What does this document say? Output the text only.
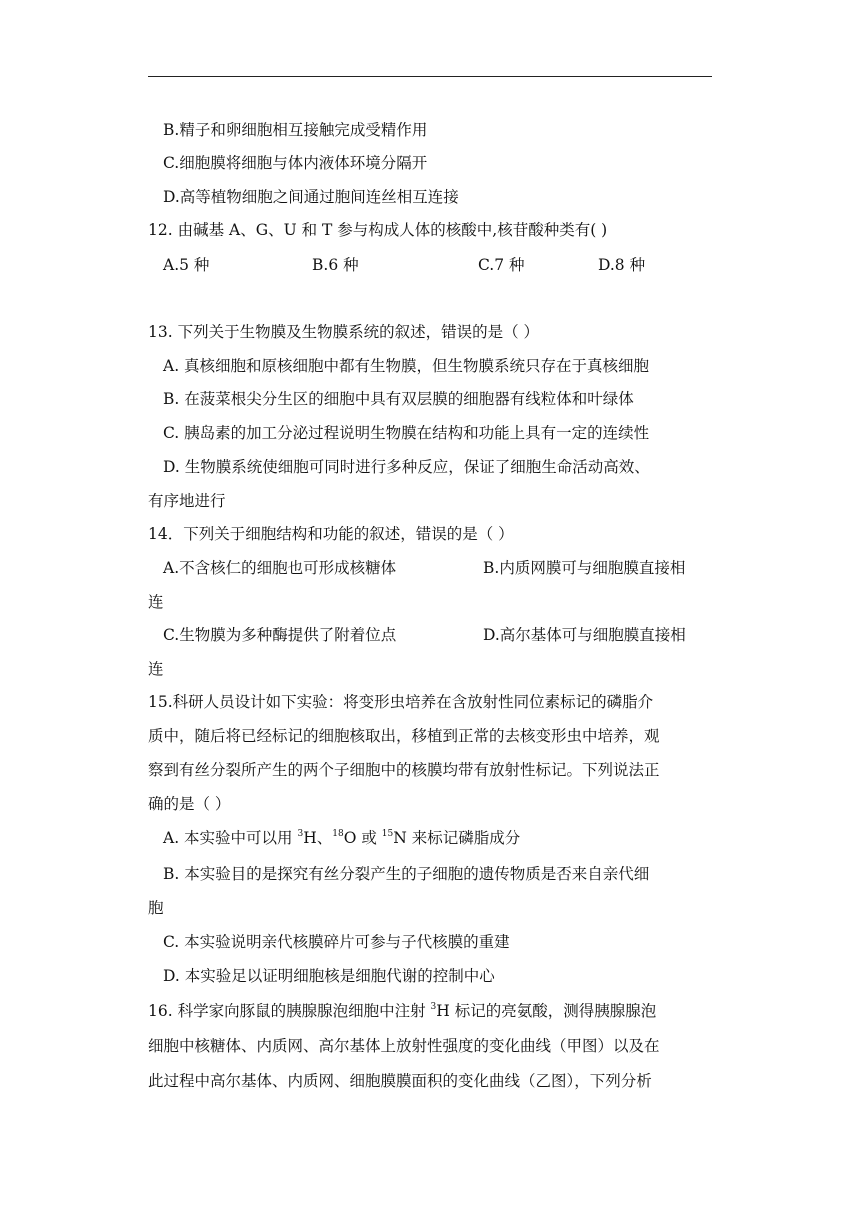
B.精子和卵细胞相互接触完成受精作用
C.细胞膜将细胞与体内液体环境分隔开
D.高等植物细胞之间通过胞间连丝相互连接
12. 由碱基 A、G、U 和 T 参与构成人体的核酸中,核苷酸种类有( )
A.5 种	B.6 种	C.7 种	D.8 种
13. 下列关于生物膜及生物膜系统的叙述，错误的是（ ）
A. 真核细胞和原核细胞中都有生物膜，但生物膜系统只存在于真核细胞
B. 在菠菜根尖分生区的细胞中具有双层膜的细胞器有线粒体和叶绿体
C. 胰岛素的加工分泌过程说明生物膜在结构和功能上具有一定的连续性
D. 生物膜系统使细胞可同时进行多种反应，保证了细胞生命活动高效、
有序地进行
14．下列关于细胞结构和功能的叙述，错误的是（ ）
A.不含核仁的细胞也可形成核糖体	B.内质网膜可与细胞膜直接相
连
C.生物膜为多种酶提供了附着位点	D.高尔基体可与细胞膜直接相
连
15.科研人员设计如下实验：将变形虫培养在含放射性同位素标记的磷脂介
质中，随后将已经标记的细胞核取出，移植到正常的去核变形虫中培养，观
察到有丝分裂所产生的两个子细胞中的核膜均带有放射性标记。下列说法正
确的是（ ）
A. 本实验中可以用 $^3$H、$^{18}$O 或 $^{15}$N 来标记磷脂成分
B. 本实验目的是探究有丝分裂产生的子细胞的遗传物质是否来自亲代细
胞
C. 本实验说明亲代核膜碎片可参与子代核膜的重建
D. 本实验足以证明细胞核是细胞代谢的控制中心
16. 科学家向豚鼠的胰腺腺泡细胞中注射 $^3$H 标记的亮氨酸，测得胰腺腺泡
细胞中核糖体、内质网、高尔基体上放射性强度的变化曲线（甲图）以及在
此过程中高尔基体、内质网、细胞膜膜面积的变化曲线（乙图），下列分析
